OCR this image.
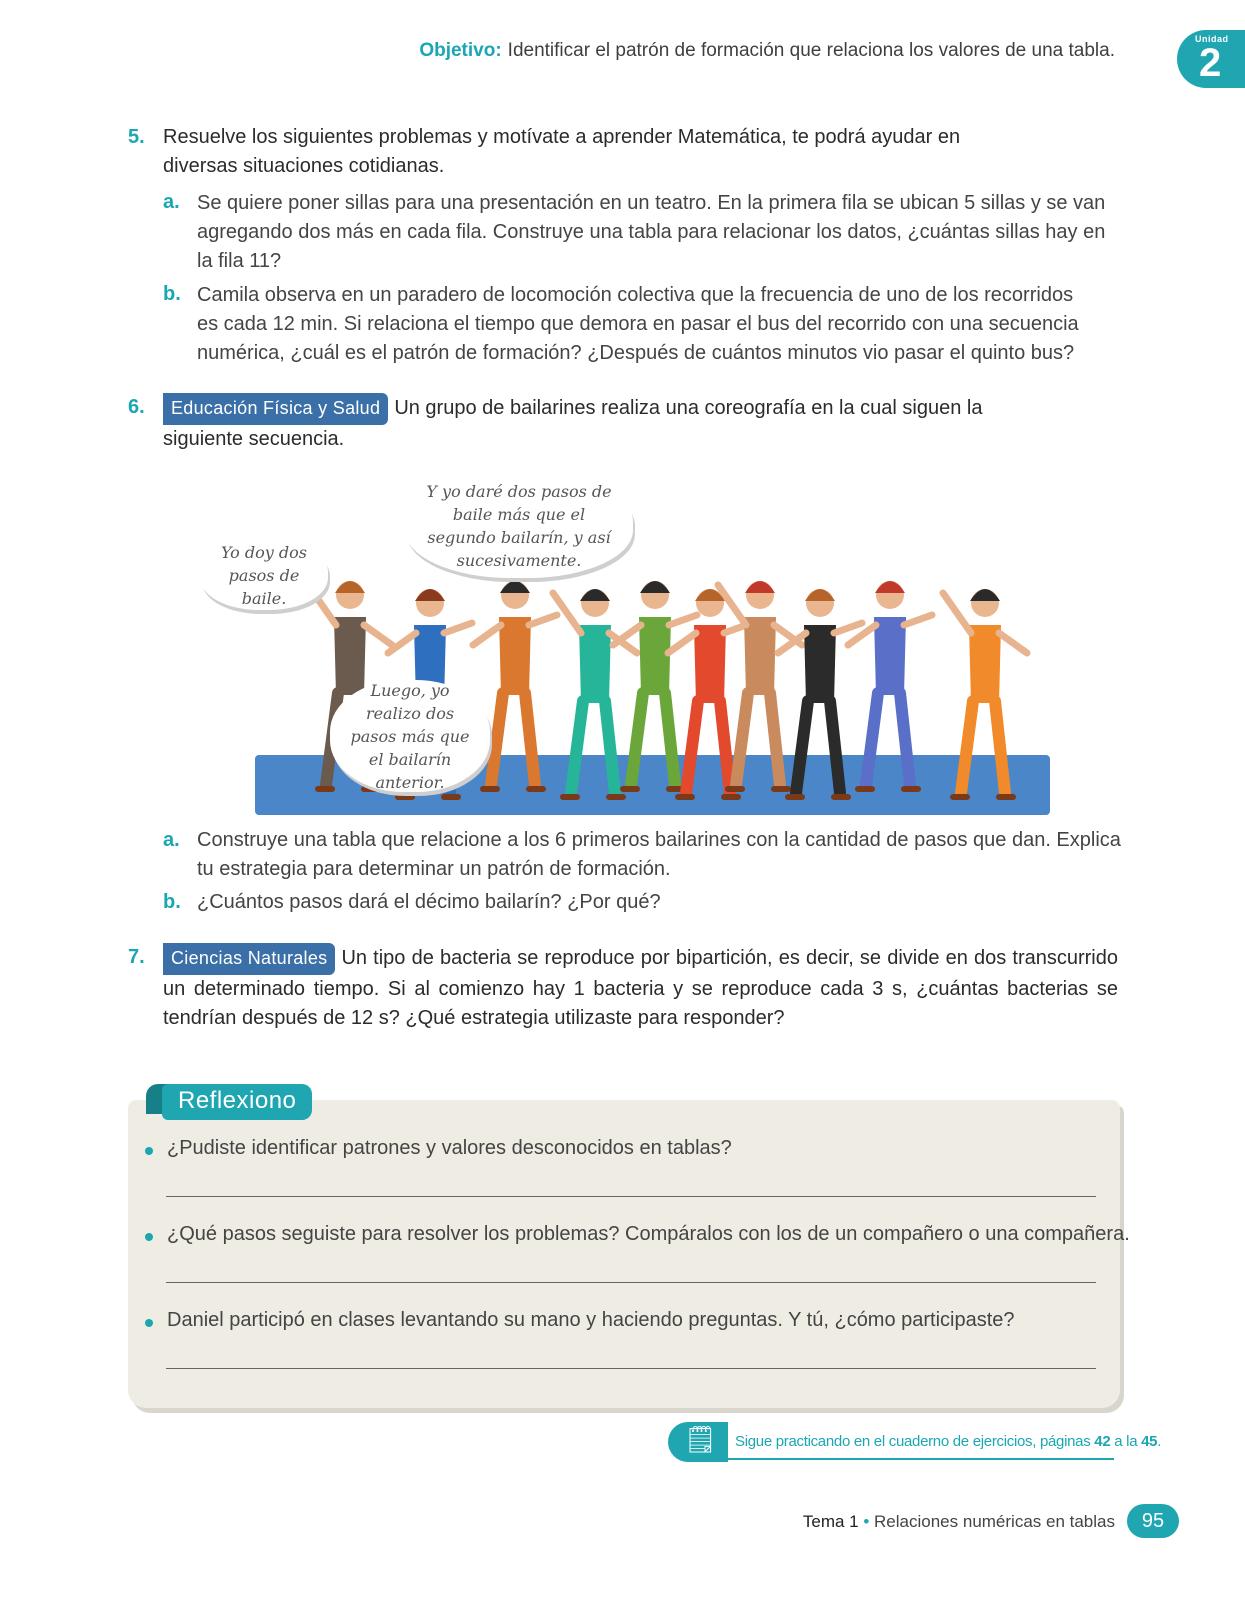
Objetivo: Identificar el patrón de formación que relaciona los valores de una tabla.
Unidad
2
5. Resuelve los siguientes problemas y motívate a aprender Matemática, te podrá ayudar en diversas situaciones cotidianas.
a. Se quiere poner sillas para una presentación en un teatro. En la primera fila se ubican 5 sillas y se van agregando dos más en cada fila. Construye una tabla para relacionar los datos, ¿cuántas sillas hay en la fila 11?
b. Camila observa en un paradero de locomoción colectiva que la frecuencia de uno de los recorridos es cada 12 min. Si relaciona el tiempo que demora en pasar el bus del recorrido con una secuencia numérica, ¿cuál es el patrón de formación? ¿Después de cuántos minutos vio pasar el quinto bus?
6.	Educación Física y Salud Un grupo de bailarines realiza una coreografía en la cual siguen la siguiente secuencia.
Yo doy dos pasos de baile.
Y yo daré dos pasos de baile más que el segundo bailarín, y así sucesivamente.
Luego, yo realizo dos pasos más que el bailarín anterior.
a. Construye una tabla que relacione a los 6 primeros bailarines con la cantidad de pasos que dan. Explica tu estrategia para determinar un patrón de formación.
b. ¿Cuántos pasos dará el décimo bailarín? ¿Por qué?
7.	Ciencias Naturales Un tipo de bacteria se reproduce por bipartición, es decir, se divide en dos transcurrido un determinado tiempo. Si al comienzo hay 1 bacteria y se reproduce cada 3 s, ¿cuántas bacterias se tendrían después de 12 s? ¿Qué estrategia utilizaste para responder?
Reflexiono
¿Pudiste identificar patrones y valores desconocidos en tablas?
¿Qué pasos seguiste para resolver los problemas? Compáralos con los de un compañero o una compañera.
Daniel participó en clases levantando su mano y haciendo preguntas. Y tú, ¿cómo participaste?
🗒 Sigue practicando en el cuaderno de ejercicios, páginas 42 a la 45.
Tema 1 • Relaciones numéricas en tablas	95
